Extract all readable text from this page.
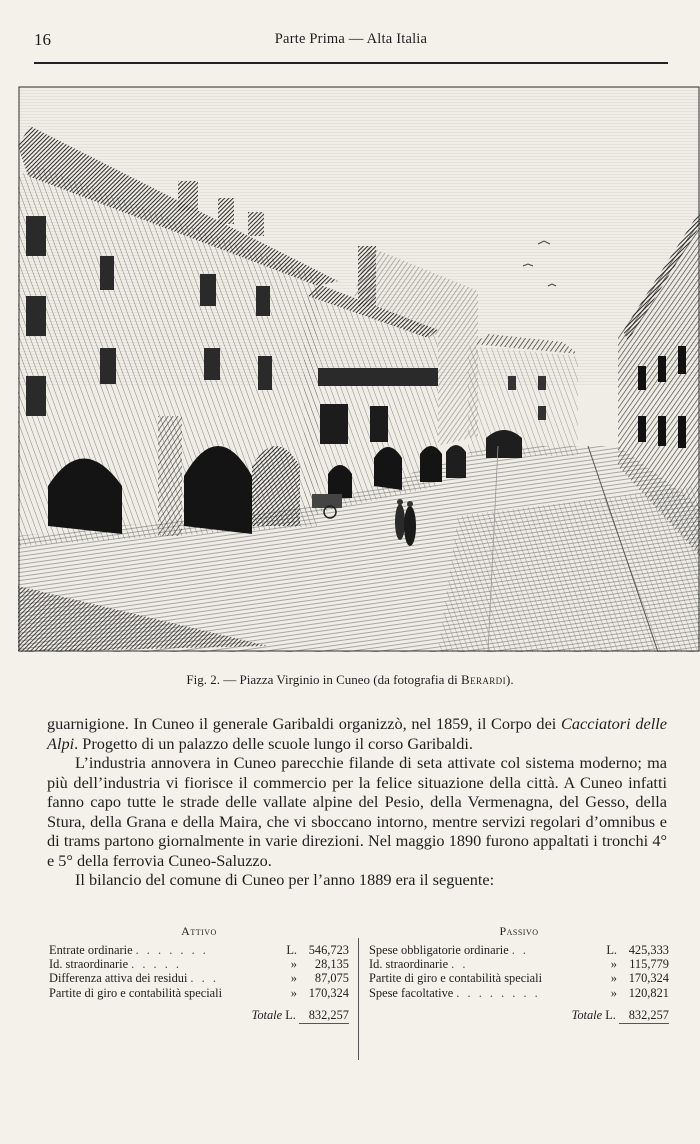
16	Parte Prima — Alta Italia
Fig. 2. — Piazza Virginio in Cuneo (da fotografia di Berardi).

guarnigione. In Cuneo il generale Garibaldi organizzò, nel 1859, il Corpo dei Cacciatori delle Alpi. Progetto di un palazzo delle scuole lungo il corso Garibaldi.

L’industria annovera in Cuneo parecchie filande di seta attivate col sistema moderno; ma più dell’industria vi fiorisce il commercio per la felice situazione della città. A Cuneo infatti fanno capo tutte le strade delle vallate alpine del Pesio, della Vermenagna, del Gesso, della Stura, della Grana e della Maira, che vi sboccano intorno, mentre servizi regolari d’omnibus e di trams partono giornalmente in varie direzioni. Nel maggio 1890 furono appaltati i tronchi 4° e 5° della ferrovia Cuneo-Saluzzo.

Il bilancio del comune di Cuneo per l’anno 1889 era il seguente:

Attivo
Entrate ordinarie . . . . . . .	L. 546,723
Id. straordinarie . . . . .	»	28,135
Differenza attiva dei residui . . .	»	87,075
Partite di giro e contabilità speciali	» 170,324
Totale L. 832,257
Passivo
Spese obbligatorie ordinarie . .	L. 425,333
Id. straordinarie . .	» 115,779
Partite di giro e contabilità speciali	» 170,324
Spese facoltative . . . . . . . .	» 120,821
Totale L. 832,257
